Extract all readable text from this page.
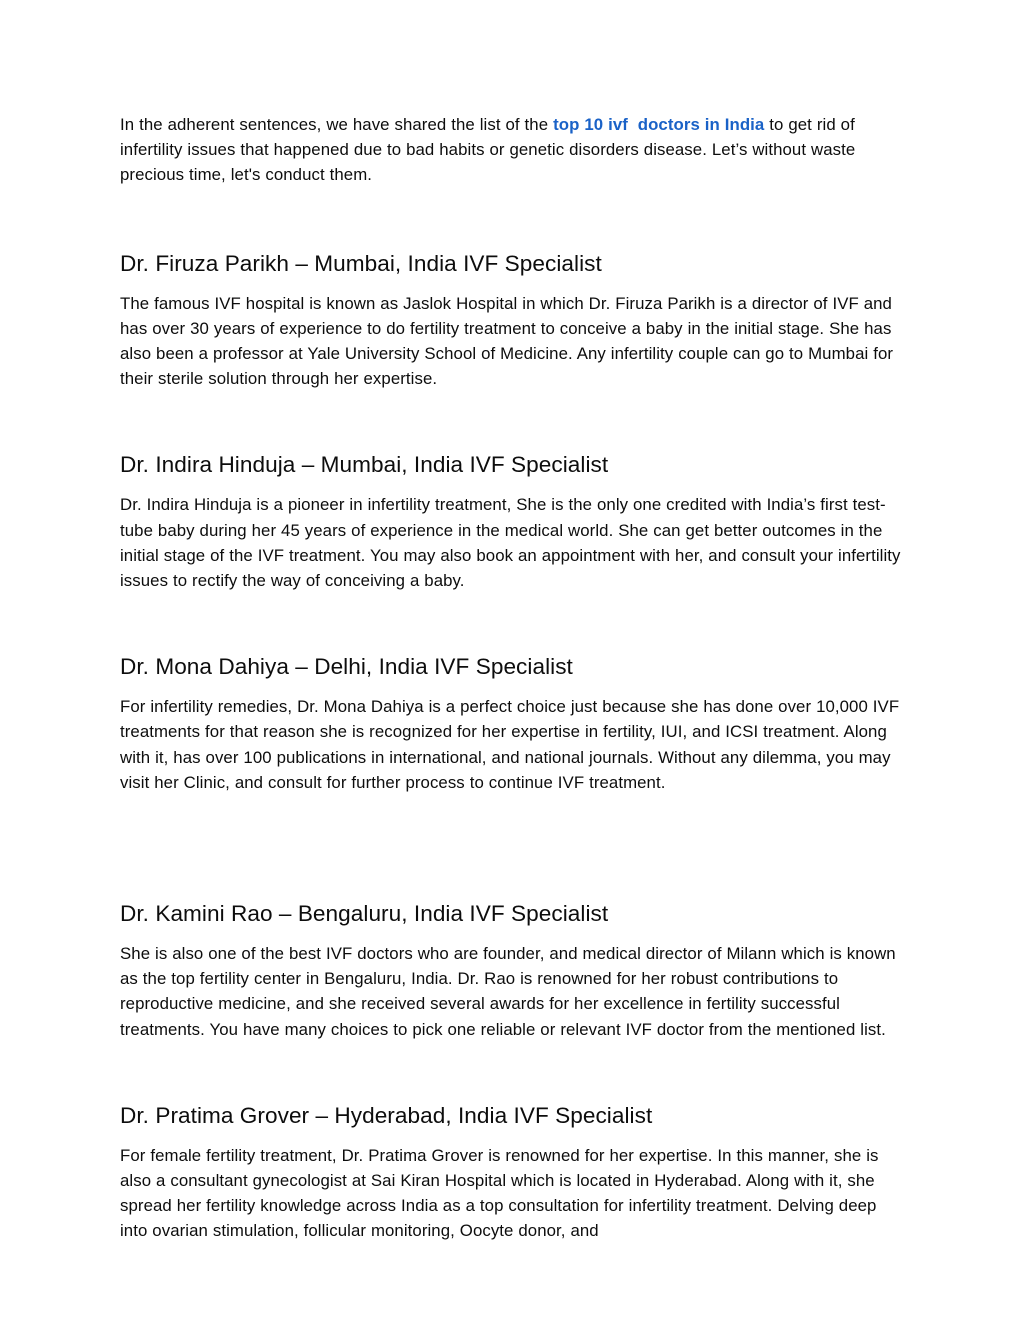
In the adherent sentences, we have shared the list of the top 10 ivf  doctors in India to get rid of infertility issues that happened due to bad habits or genetic disorders disease. Let’s without waste precious time, let's conduct them.

Dr. Firuza Parikh – Mumbai, India IVF Specialist

The famous IVF hospital is known as Jaslok Hospital in which Dr. Firuza Parikh is a director of IVF and has over 30 years of experience to do fertility treatment to conceive a baby in the initial stage. She has also been a professor at Yale University School of Medicine. Any infertility couple can go to Mumbai for their sterile solution through her expertise.

Dr. Indira Hinduja – Mumbai, India IVF Specialist

Dr. Indira Hinduja is a pioneer in infertility treatment, She is the only one credited with India’s first test-tube baby during her 45 years of experience in the medical world. She can get better outcomes in the initial stage of the IVF treatment. You may also book an appointment with her, and consult your infertility issues to rectify the way of conceiving a baby.

Dr. Mona Dahiya – Delhi, India IVF Specialist

For infertility remedies, Dr. Mona Dahiya is a perfect choice just because she has done over 10,000 IVF treatments for that reason she is recognized for her expertise in fertility, IUI, and ICSI treatment. Along with it, has over 100 publications in international, and national journals. Without any dilemma, you may visit her Clinic, and consult for further process to continue IVF treatment.

Dr. Kamini Rao – Bengaluru, India IVF Specialist

She is also one of the best IVF doctors who are founder, and medical director of Milann which is known as the top fertility center in Bengaluru, India. Dr. Rao is renowned for her robust contributions to reproductive medicine, and she received several awards for her excellence in fertility successful treatments. You have many choices to pick one reliable or relevant IVF doctor from the mentioned list.

Dr. Pratima Grover – Hyderabad, India IVF Specialist

For female fertility treatment, Dr. Pratima Grover is renowned for her expertise. In this manner, she is also a consultant gynecologist at Sai Kiran Hospital which is located in Hyderabad. Along with it, she spread her fertility knowledge across India as a top consultation for infertility treatment. Delving deep into ovarian stimulation, follicular monitoring, Oocyte donor, and
